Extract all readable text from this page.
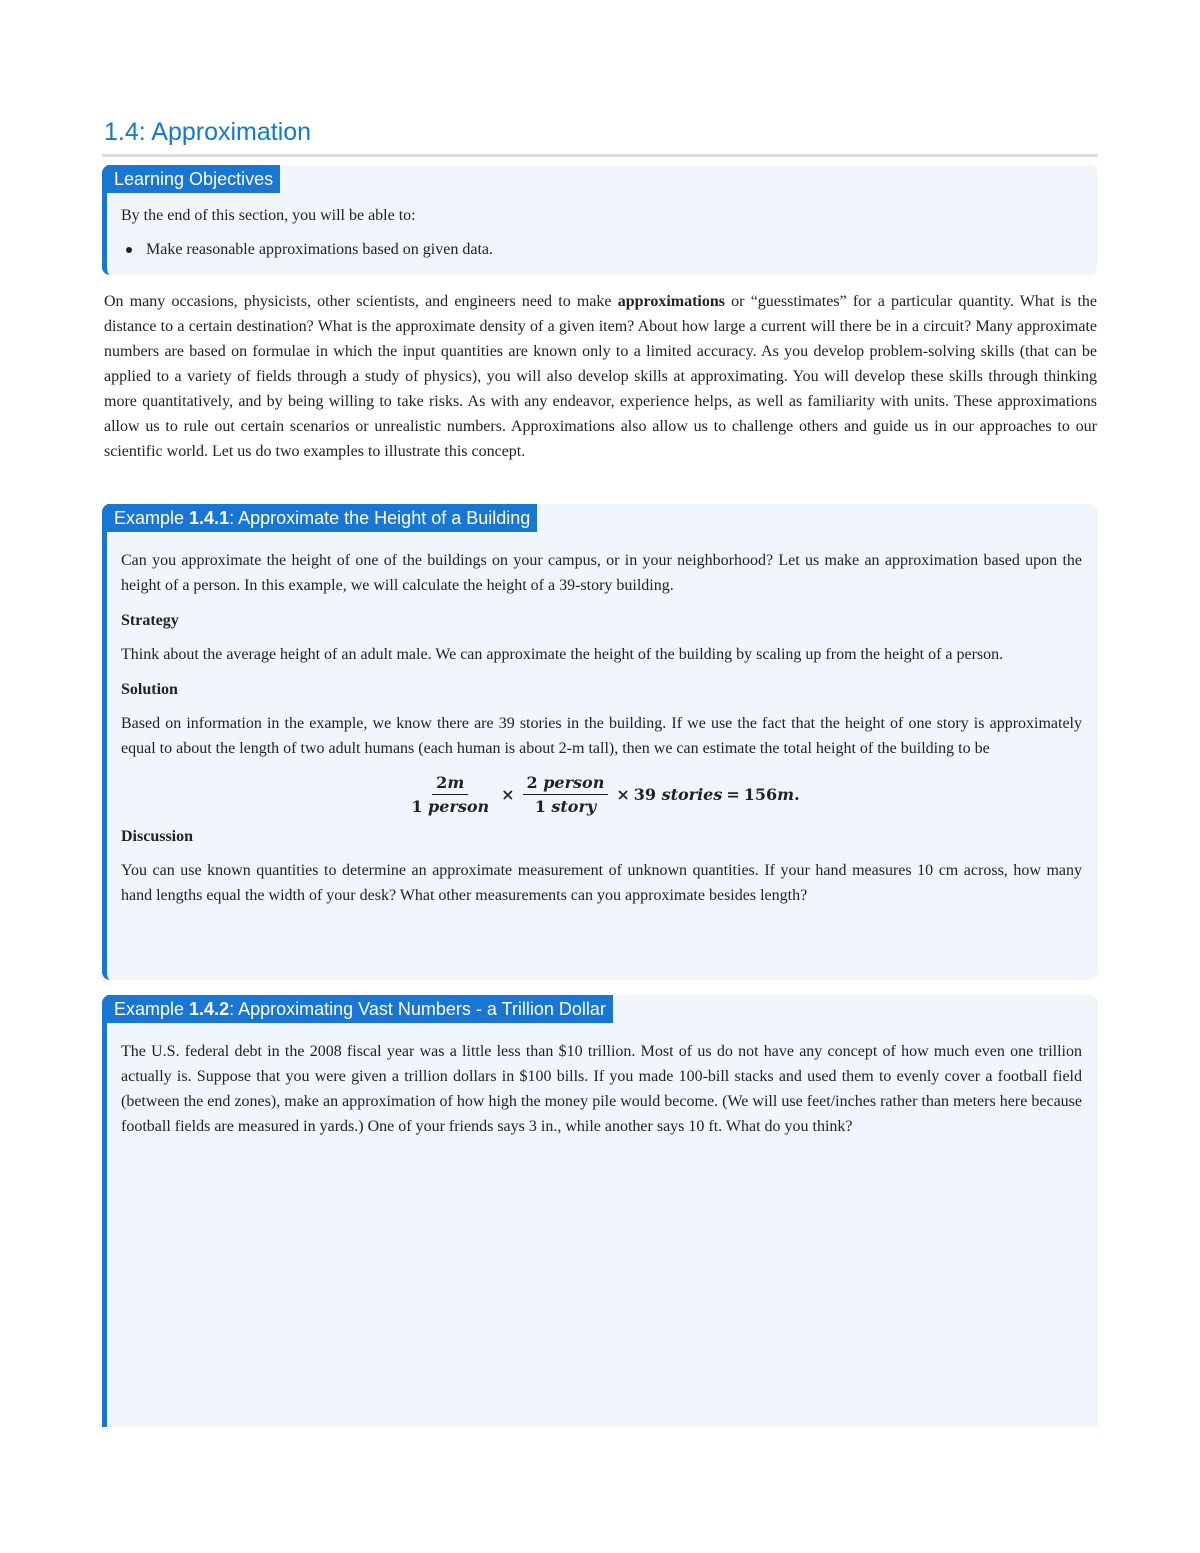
1.4: Approximation
Learning Objectives

By the end of this section, you will be able to:

Make reasonable approximations based on given data.

On many occasions, physicists, other scientists, and engineers need to make approximations or “guesstimates” for a particular quantity. What is the distance to a certain destination? What is the approximate density of a given item? About how large a current will there be in a circuit? Many approximate numbers are based on formulae in which the input quantities are known only to a limited accuracy. As you develop problem-solving skills (that can be applied to a variety of fields through a study of physics), you will also develop skills at approximating. You will develop these skills through thinking more quantitatively, and by being willing to take risks. As with any endeavor, experience helps, as well as familiarity with units. These approximations allow us to rule out certain scenarios or unrealistic numbers. Approximations also allow us to challenge others and guide us in our approaches to our scientific world. Let us do two examples to illustrate this concept.

Example 1.4.1: Approximate the Height of a Building

Can you approximate the height of one of the buildings on your campus, or in your neighborhood? Let us make an approximation based upon the height of a person. In this example, we will calculate the height of a 39-story building.

Strategy

Think about the average height of an adult male. We can approximate the height of the building by scaling up from the height of a person.

Solution

Based on information in the example, we know there are 39 stories in the building. If we use the fact that the height of one story is approximately equal to about the length of two adult humans (each human is about 2-m tall), then we can estimate the total height of the building to be

$\frac{2m}{\text{1 person}} \times \frac{\text{2 person}}{\text{1 story}} \times 39$ stories = 156m.

Discussion

You can use known quantities to determine an approximate measurement of unknown quantities. If your hand measures 10 cm across, how many hand lengths equal the width of your desk? What other measurements can you approximate besides length?

Example 1.4.2: Approximating Vast Numbers - a Trillion Dollar

The U.S. federal debt in the 2008 fiscal year was a little less than $10 trillion. Most of us do not have any concept of how much even one trillion actually is. Suppose that you were given a trillion dollars in $100 bills. If you made 100-bill stacks and used them to evenly cover a football field (between the end zones), make an approximation of how high the money pile would become. (We will use feet/inches rather than meters here because football fields are measured in yards.) One of your friends says 3 in., while another says 10 ft. What do you think?
